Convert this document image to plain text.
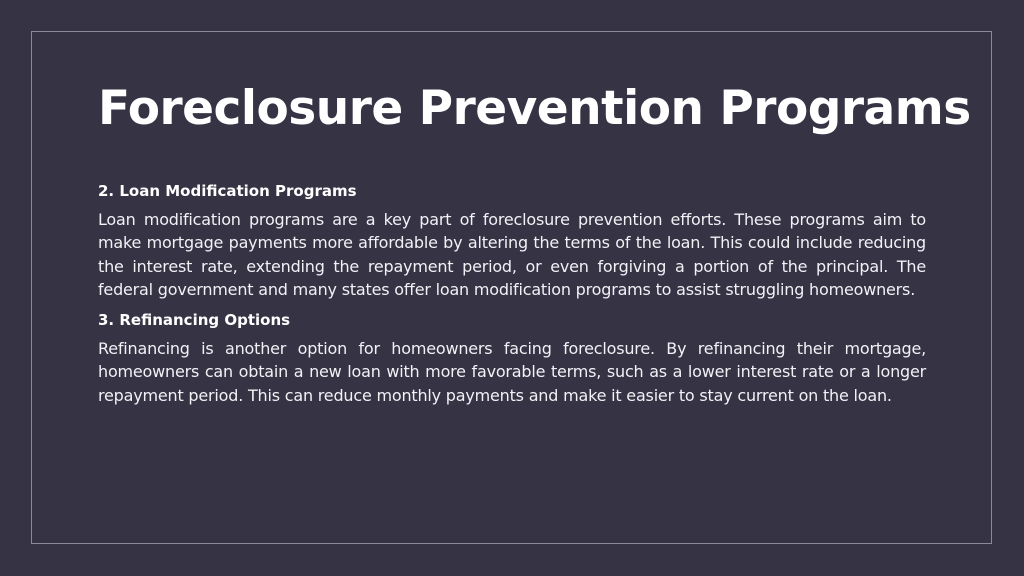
Foreclosure Prevention Programs
2. Loan Modification Programs

Loan modification programs are a key part of foreclosure prevention efforts. These programs aim to make mortgage payments more affordable by altering the terms of the loan. This could include reducing the interest rate, extending the repayment period, or even forgiving a portion of the principal. The federal government and many states offer loan modification programs to assist struggling homeowners.

3. Refinancing Options

Refinancing is another option for homeowners facing foreclosure. By refinancing their mortgage, homeowners can obtain a new loan with more favorable terms, such as a lower interest rate or a longer repayment period. This can reduce monthly payments and make it easier to stay current on the loan.
